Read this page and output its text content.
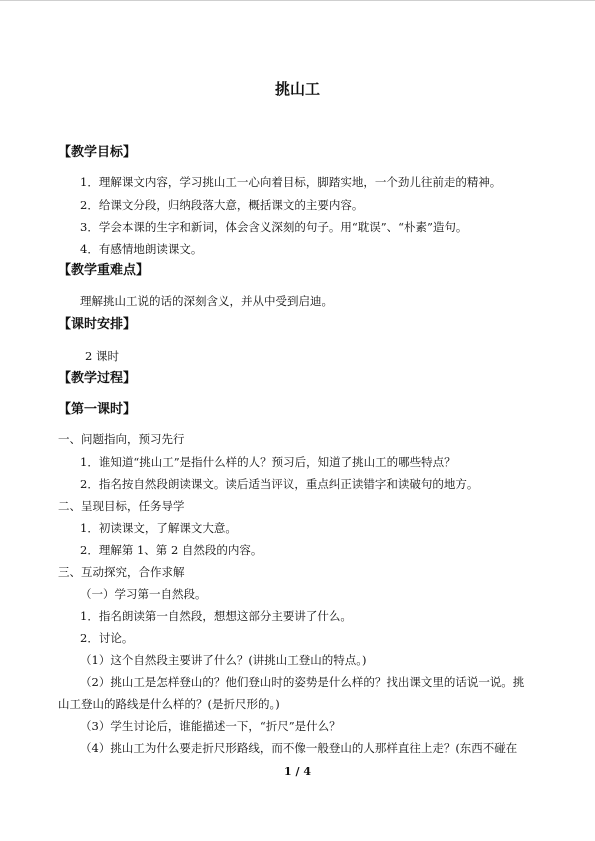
挑山工
【教学目标】
1．理解课文内容，学习挑山工一心向着目标，脚踏实地，一个劲儿往前走的精神。
2．给课文分段，归纳段落大意，概括课文的主要内容。
3．学会本课的生字和新词，体会含义深刻的句子。用“耽误”、“朴素”造句。
4．有感情地朗读课文。
【教学重难点】
理解挑山工说的话的深刻含义，并从中受到启迪。
【课时安排】
2 课时
【教学过程】
【第一课时】
一、问题指向，预习先行
1．谁知道“挑山工”是指什么样的人？预习后，知道了挑山工的哪些特点？
2．指名按自然段朗读课文。读后适当评议，重点纠正读错字和读破句的地方。
二、呈现目标，任务导学
1．初读课文，了解课文大意。
2．理解第 1、第 2 自然段的内容。
三、互动探究，合作求解
（一）学习第一自然段。
1．指名朗读第一自然段，想想这部分主要讲了什么。
2．讨论。
（1）这个自然段主要讲了什么？(讲挑山工登山的特点。)
（2）挑山工是怎样登山的？他们登山时的姿势是什么样的？找出课文里的话说一说。挑
山工登山的路线是什么样的？(是折尺形的。)
（3）学生讨论后，谁能描述一下，“折尺”是什么？
（4）挑山工为什么要走折尺形路线，而不像一般登山的人那样直往上走？(东西不碰在
1 / 4
